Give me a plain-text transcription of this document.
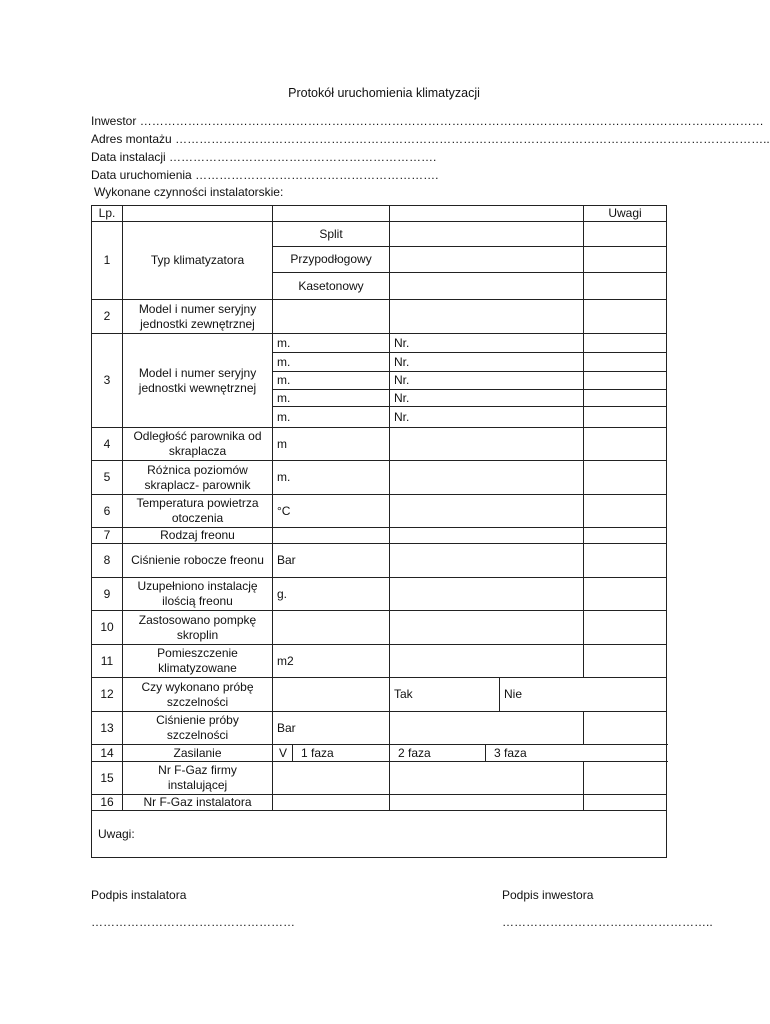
Protokół uruchomienia klimatyzacji
Inwestor …………………………………………………………………………………………………………………………………………
Adres montażu …………………………………………………………………………………………………………………………………..
Data instalacji ………………………………………………………….
Data uruchomienia …………………………………………………….
Wykonane czynności instalatorskie:
Lp.					Uwagi
1	Typ klimatyzatora	Split			
		Przypodłogowy			
		Kasetonowy			
2	Model i numer seryjny jednostki zewnętrznej				
3	Model i numer seryjny jednostki wewnętrznej	m.	Nr.		
		m.	Nr.		
		m.	Nr.		
		m.	Nr.		
		m.	Nr.		
4	Odległość parownika od skraplacza	m			
5	Różnica poziomów skraplacz- parownik	m.			
6	Temperatura powietrza otoczenia	°C			
7	Rodzaj freonu				
8	Ciśnienie robocze freonu	Bar			
9	Uzupełniono instalację ilością freonu	g.			
10	Zastosowano pompkę skroplin				
11	Pomieszczenie klimatyzowane	m2			
12	Czy wykonano próbę szczelności		Tak	Nie	
13	Ciśnienie próby szczelności	Bar			
14	Zasilanie	V 1 faza 2 faza 3 faza			

15	Nr F-Gaz firmy instalującej				
16	Nr F-Gaz instalatora				
Uwagi:					
Podpis instalatora
……………………………………………
Podpis inwestora
……………………………………………..
